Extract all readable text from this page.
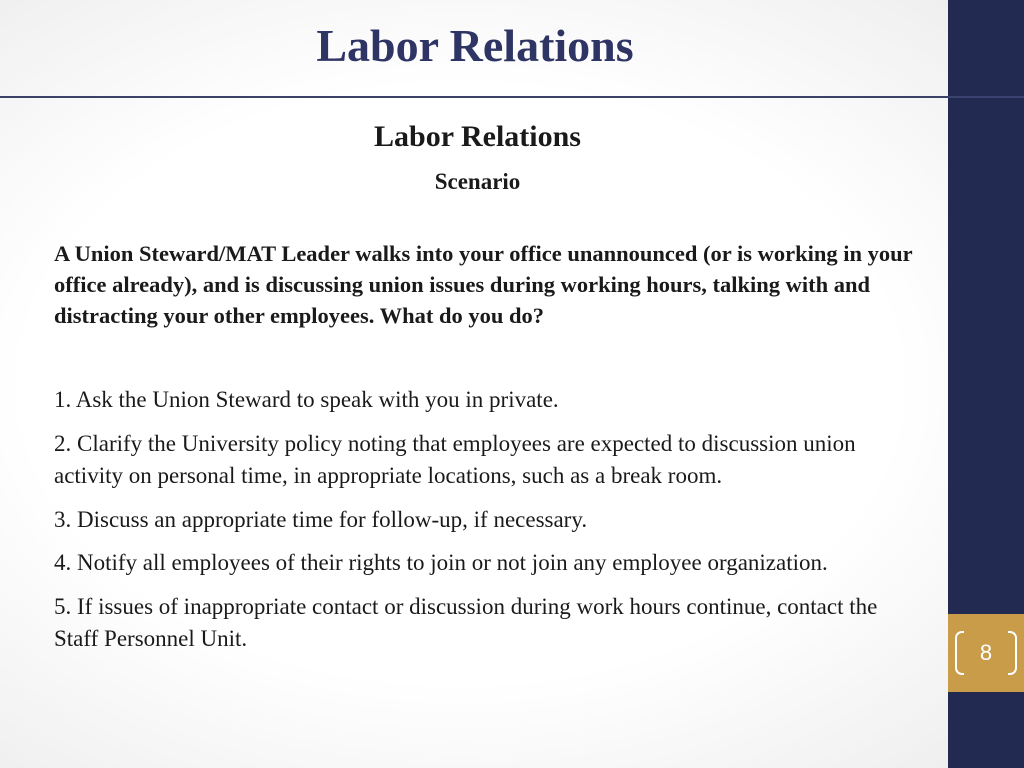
8
Labor Relations
Labor Relations
Scenario

A Union Steward/MAT Leader walks into your office unannounced (or is working in your office already), and is discussing union issues during working hours, talking with and distracting your other employees. What do you do?

1. Ask the Union Steward to speak with you in private.
2. Clarify the University policy noting that employees are expected to discussion union activity on personal time, in appropriate locations, such as a break room.
3. Discuss an appropriate time for follow-up, if necessary.
4. Notify all employees of their rights to join or not join any employee organization.
5. If issues of inappropriate contact or discussion during work hours continue, contact the Staff Personnel Unit.
